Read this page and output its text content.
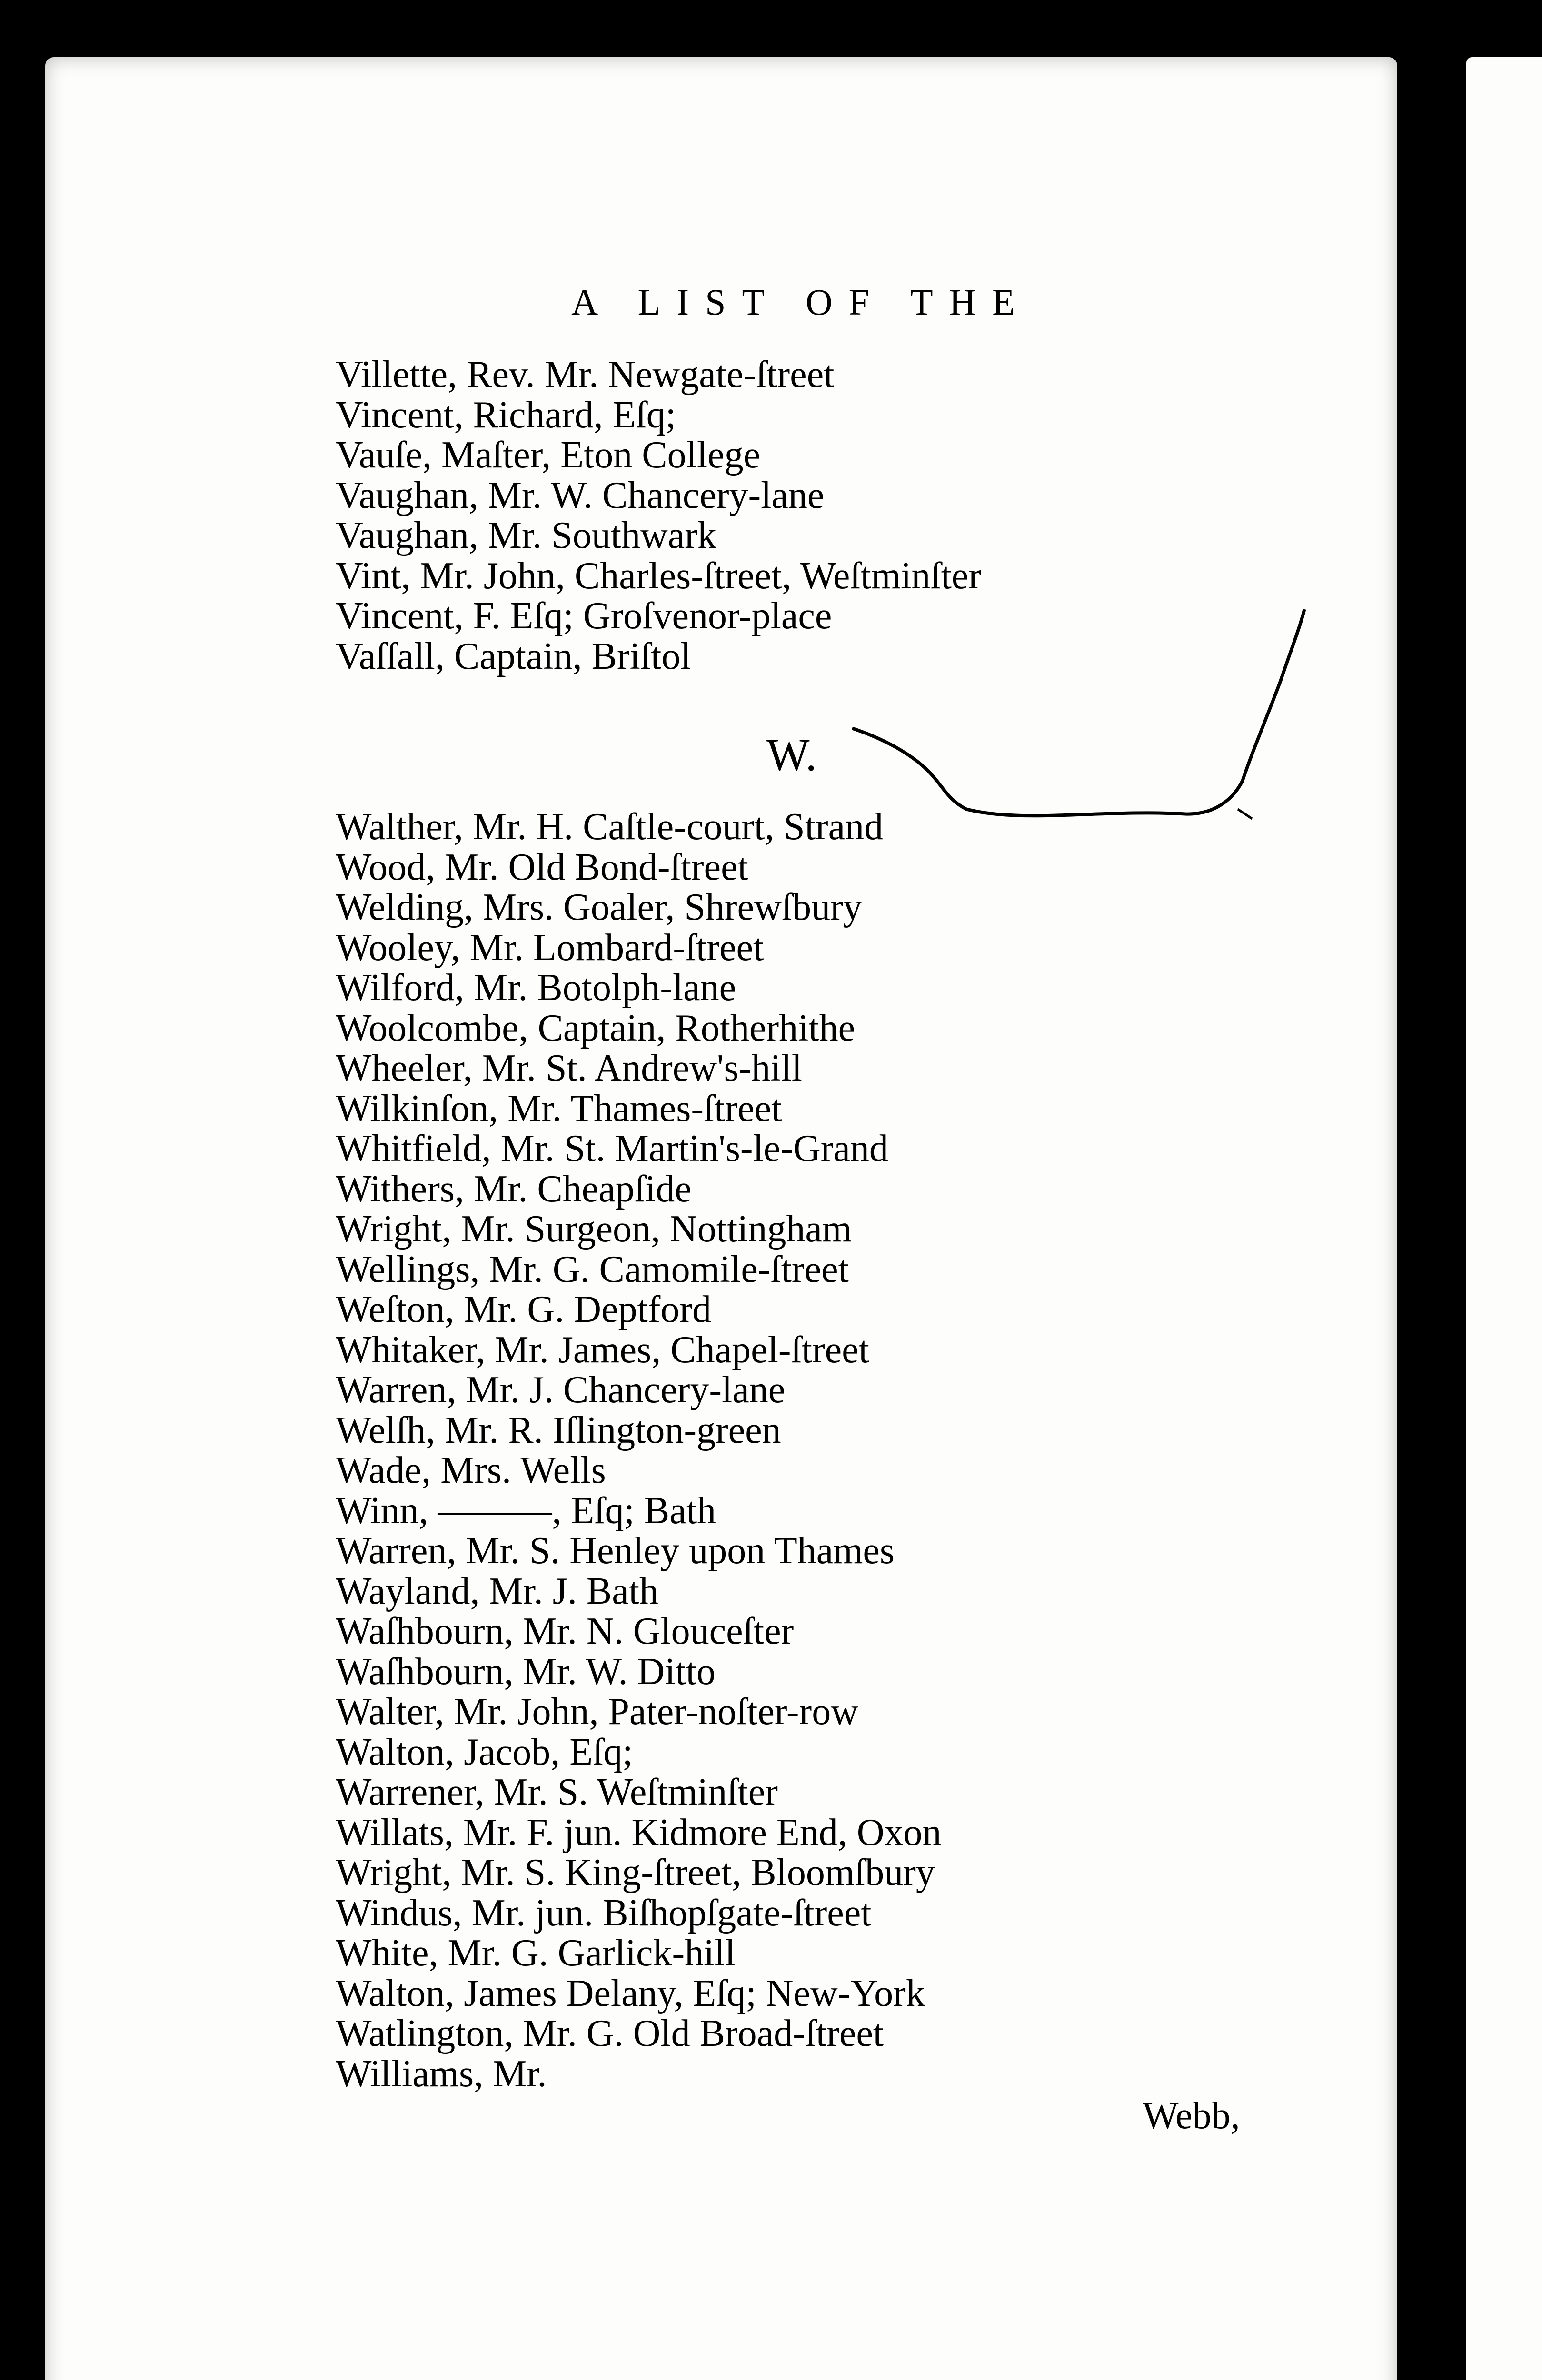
A LIST OF THE
Villette, Rev. Mr. Newgate-ſtreet
Vincent, Richard, Eſq;
Vauſe, Maſter, Eton College
Vaughan, Mr. W. Chancery-lane
Vaughan, Mr. Southwark
Vint, Mr. John, Charles-ſtreet, Weſtminſter
Vincent, F. Eſq; Groſvenor-place
Vaſſall, Captain, Briſtol
W.
Walther, Mr. H. Caſtle-court, Strand
Wood, Mr. Old Bond-ſtreet
Welding, Mrs. Goaler, Shrewſbury
Wooley, Mr. Lombard-ſtreet
Wilford, Mr. Botolph-lane
Woolcombe, Captain, Rotherhithe
Wheeler, Mr. St. Andrew's-hill
Wilkinſon, Mr. Thames-ſtreet
Whitfield, Mr. St. Martin's-le-Grand
Withers, Mr. Cheapſide
Wright, Mr. Surgeon, Nottingham
Wellings, Mr. G. Camomile-ſtreet
Weſton, Mr. G. Deptford
Whitaker, Mr. James, Chapel-ſtreet
Warren, Mr. J. Chancery-lane
Welſh, Mr. R. Iſlington-green
Wade, Mrs. Wells
Winn, ———, Eſq; Bath
Warren, Mr. S. Henley upon Thames
Wayland, Mr. J. Bath
Waſhbourn, Mr. N. Glouceſter
Waſhbourn, Mr. W. Ditto
Walter, Mr. John, Pater-noſter-row
Walton, Jacob, Eſq;
Warrener, Mr. S. Weſtminſter
Willats, Mr. F. jun. Kidmore End, Oxon
Wright, Mr. S. King-ſtreet, Bloomſbury
Windus, Mr. jun. Biſhopſgate-ſtreet
White, Mr. G. Garlick-hill
Walton, James Delany, Eſq; New-York
Watlington, Mr. G. Old Broad-ſtreet
Williams, Mr.
Webb,
